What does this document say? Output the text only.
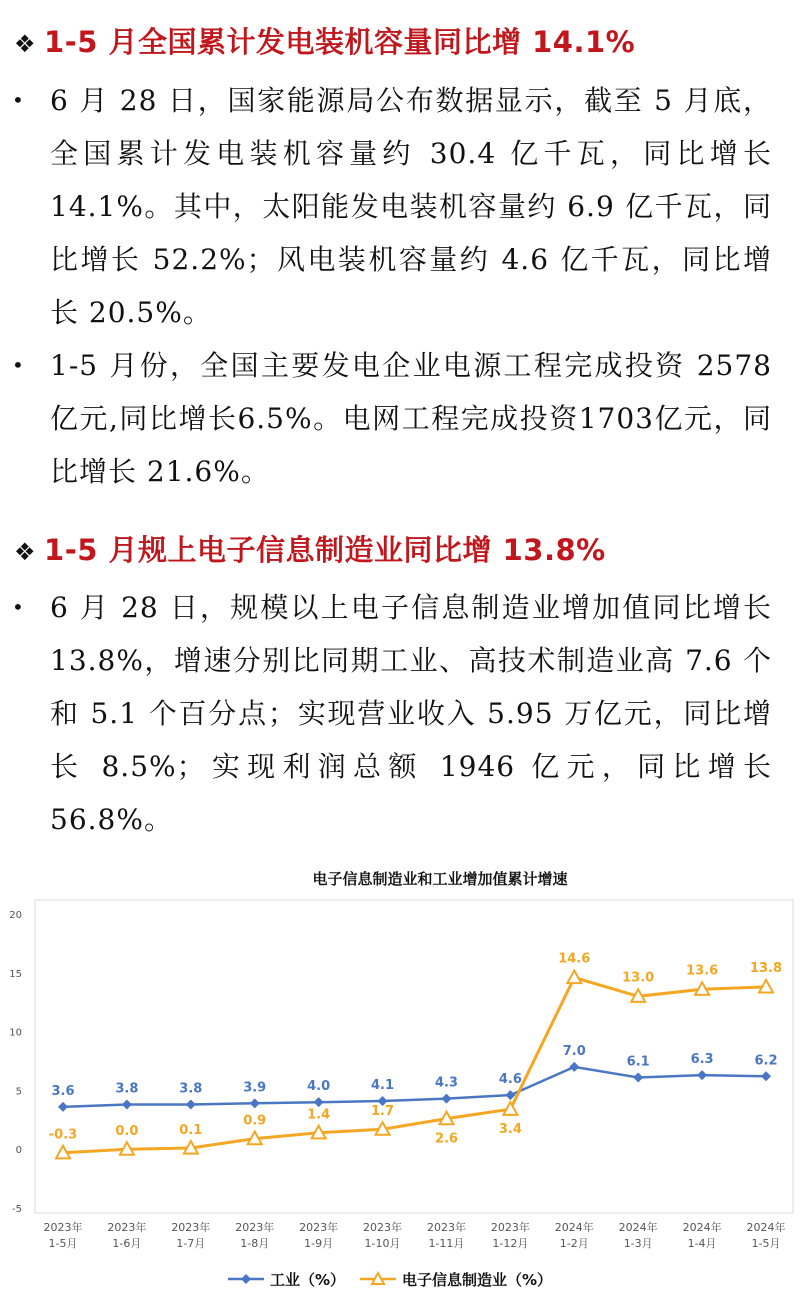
❖ 1-5 月全国累计发电装机容量同比增 14.1%
• 6 月 28 日，国家能源局公布数据显示，截至 5 月底，全国累计发电装机容量约 30.4 亿千瓦，同比增长 14.1%。其中，太阳能发电装机容量约 6.9 亿千瓦，同比增长 52.2%；风电装机容量约 4.6 亿千瓦，同比增长 20.5%。
• 1-5 月份，全国主要发电企业电源工程完成投资 2578亿元,同比增长6.5%。电网工程完成投资1703亿元，同比增长 21.6%。
❖ 1-5 月规上电子信息制造业同比增 13.8%
• 6 月 28 日，规模以上电子信息制造业增加值同比增长 13.8%，增速分别比同期工业、高技术制造业高 7.6 个和 5.1 个百分点；实现营业收入 5.95 万亿元，同比增长 8.5%；实现利润总额 1946 亿元，同比增长 56.8%。
电子信息制造业和工业增加值累计增速
20
15
10
5
0
-5
2023年
1-5月
2023年
1-6月
2023年
1-7月
2023年
1-8月
2023年
1-9月
2023年
1-10月
2023年
1-11月
2023年
1-12月
2024年
1-2月
2024年
1-3月
2024年
1-4月
2024年
1-5月
3.6	3.8	3.8	3.9	4.0	4.1	4.3	4.6
7.0
6.1	6.3	6.2
-0.3	0.0	0.1
0.9	1.4	1.7
2.6
3.4
14.6
13.0 13.6 13.8
工业（%）	电子信息制造业（%）
